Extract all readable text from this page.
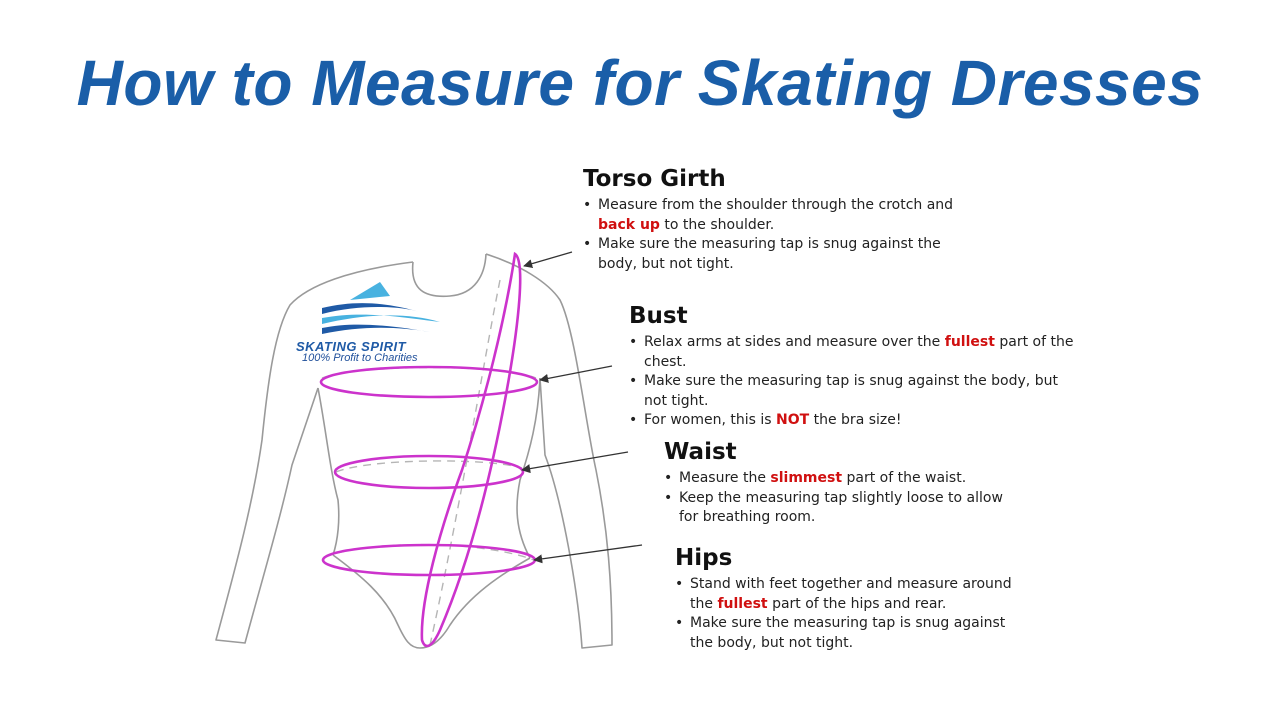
How to Measure for Skating Dresses
SKATING SPIRIT
100% Profit to Charities
Torso Girth
• Measure from the shoulder through the crotch and back up to the shoulder.
• Make sure the measuring tap is snug against the body, but not tight.
Bust
• Relax arms at sides and measure over the fullest part of the chest.
• Make sure the measuring tap is snug against the body, but not tight.
• For women, this is NOT the bra size!
Waist
• Measure the slimmest part of the waist.
• Keep the measuring tap slightly loose to allow for breathing room.
Hips
• Stand with feet together and measure around the fullest part of the hips and rear.
• Make sure the measuring tap is snug against the body, but not tight.
